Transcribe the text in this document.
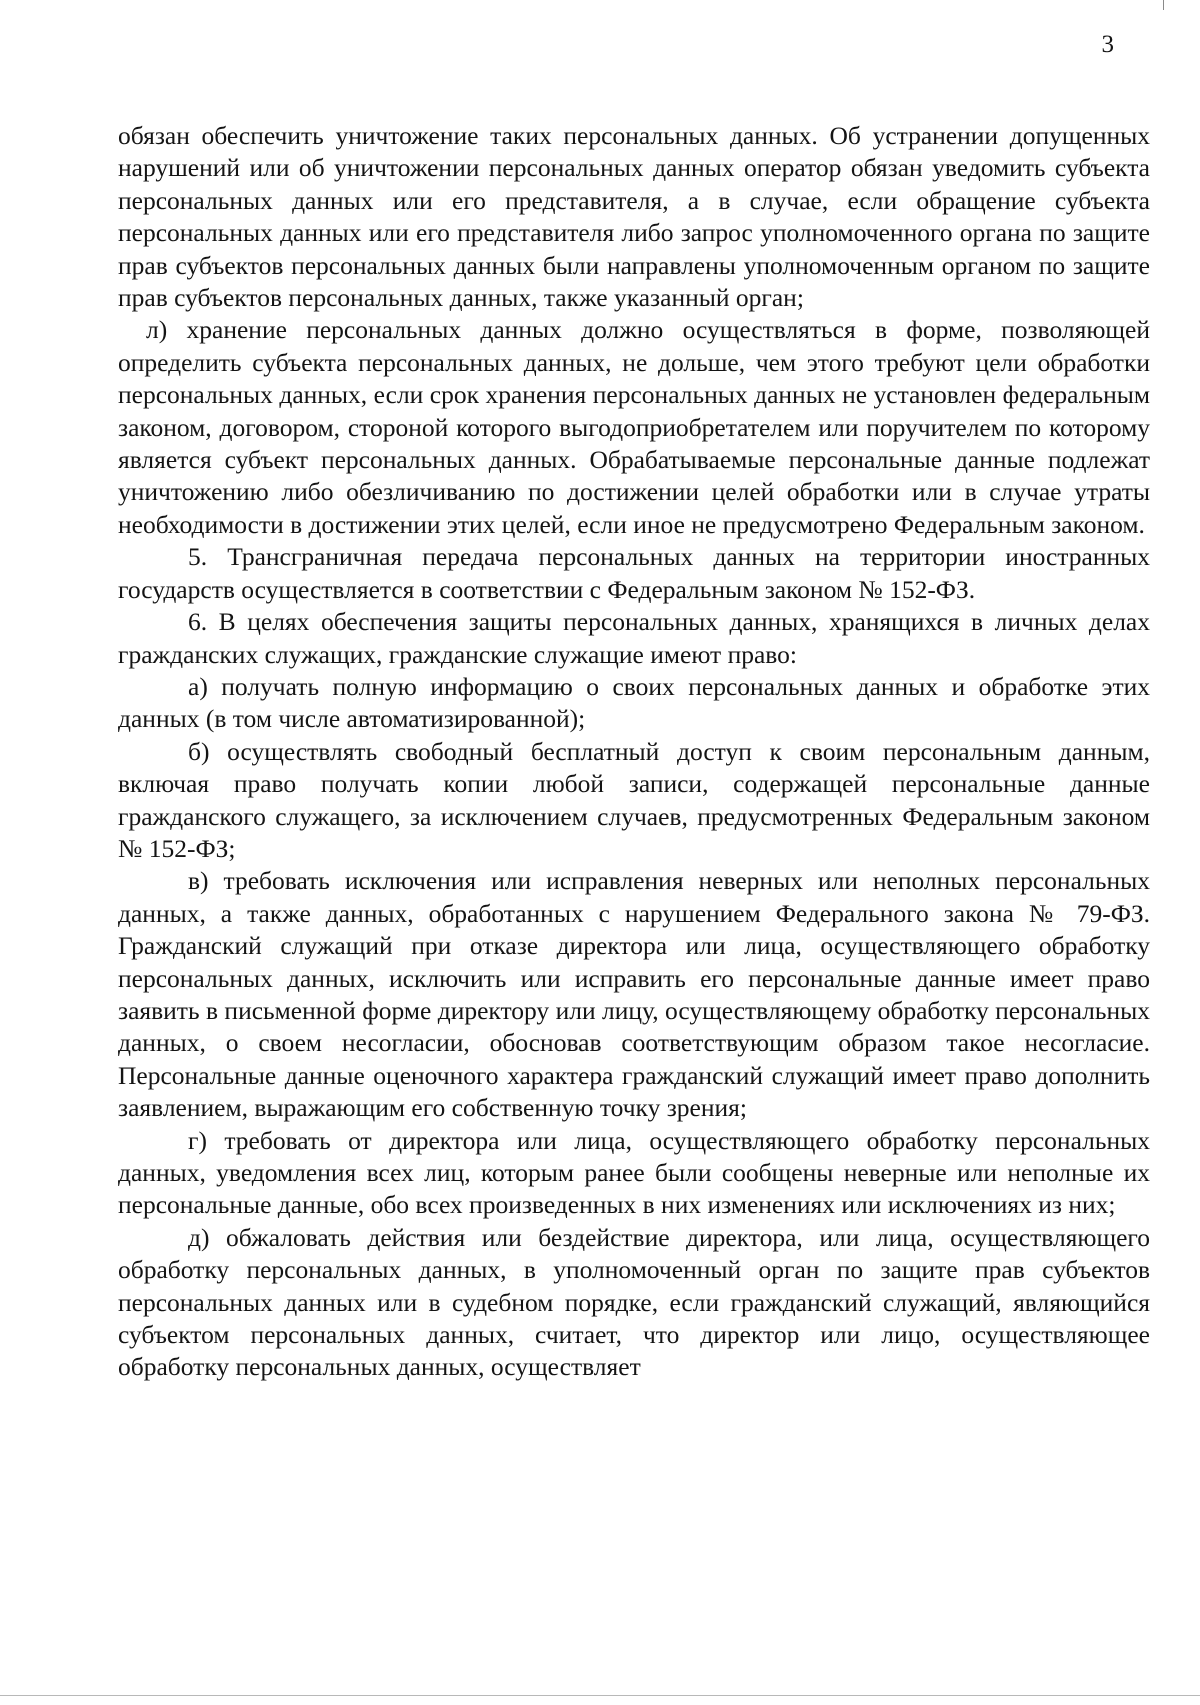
3

обязан обеспечить уничтожение таких персональных данных. Об устранении допущенных нарушений или об уничтожении персональных данных оператор обязан уведомить субъекта персональных данных или его представителя, а в случае, если обращение субъекта персональных данных или его представителя либо запрос уполномоченного органа по защите прав субъектов персональных данных были направлены уполномоченным органом по защите прав субъектов персональных данных, также указанный орган;

л) хранение персональных данных должно осуществляться в форме, позволяющей определить субъекта персональных данных, не дольше, чем этого требуют цели обработки персональных данных, если срок хранения персональных данных не установлен федеральным законом, договором, стороной которого выгодоприобретателем или поручителем по которому является субъект персональных данных. Обрабатываемые персональные данные подлежат уничтожению либо обезличиванию по достижении целей обработки или в случае утраты необходимости в достижении этих целей, если иное не предусмотрено Федеральным законом.

5. Трансграничная передача персональных данных на территории иностранных государств осуществляется в соответствии с Федеральным законом № 152-ФЗ.

6. В целях обеспечения защиты персональных данных, хранящихся в личных делах гражданских служащих, гражданские служащие имеют право:

а) получать полную информацию о своих персональных данных и обработке этих данных (в том числе автоматизированной);

б) осуществлять свободный бесплатный доступ к своим персональным данным, включая право получать копии любой записи, содержащей персональные данные гражданского служащего, за исключением случаев, предусмотренных Федеральным законом № 152-ФЗ;

в) требовать исключения или исправления неверных или неполных персональных данных, а также данных, обработанных с нарушением Федерального закона № 79-ФЗ. Гражданский служащий при отказе директора или лица, осуществляющего обработку персональных данных, исключить или исправить его персональные данные имеет право заявить в письменной форме директору или лицу, осуществляющему обработку персональных данных, о своем несогласии, обосновав соответствующим образом такое несогласие. Персональные данные оценочного характера гражданский служащий имеет право дополнить заявлением, выражающим его собственную точку зрения;

г) требовать от директора или лица, осуществляющего обработку персональных данных, уведомления всех лиц, которым ранее были сообщены неверные или неполные их персональные данные, обо всех произведенных в них изменениях или исключениях из них;

д) обжаловать действия или бездействие директора, или лица, осуществляющего обработку персональных данных, в уполномоченный орган по защите прав субъектов персональных данных или в судебном порядке, если гражданский служащий, являющийся субъектом персональных данных, считает, что директор или лицо, осуществляющее обработку персональных данных, осуществляет
